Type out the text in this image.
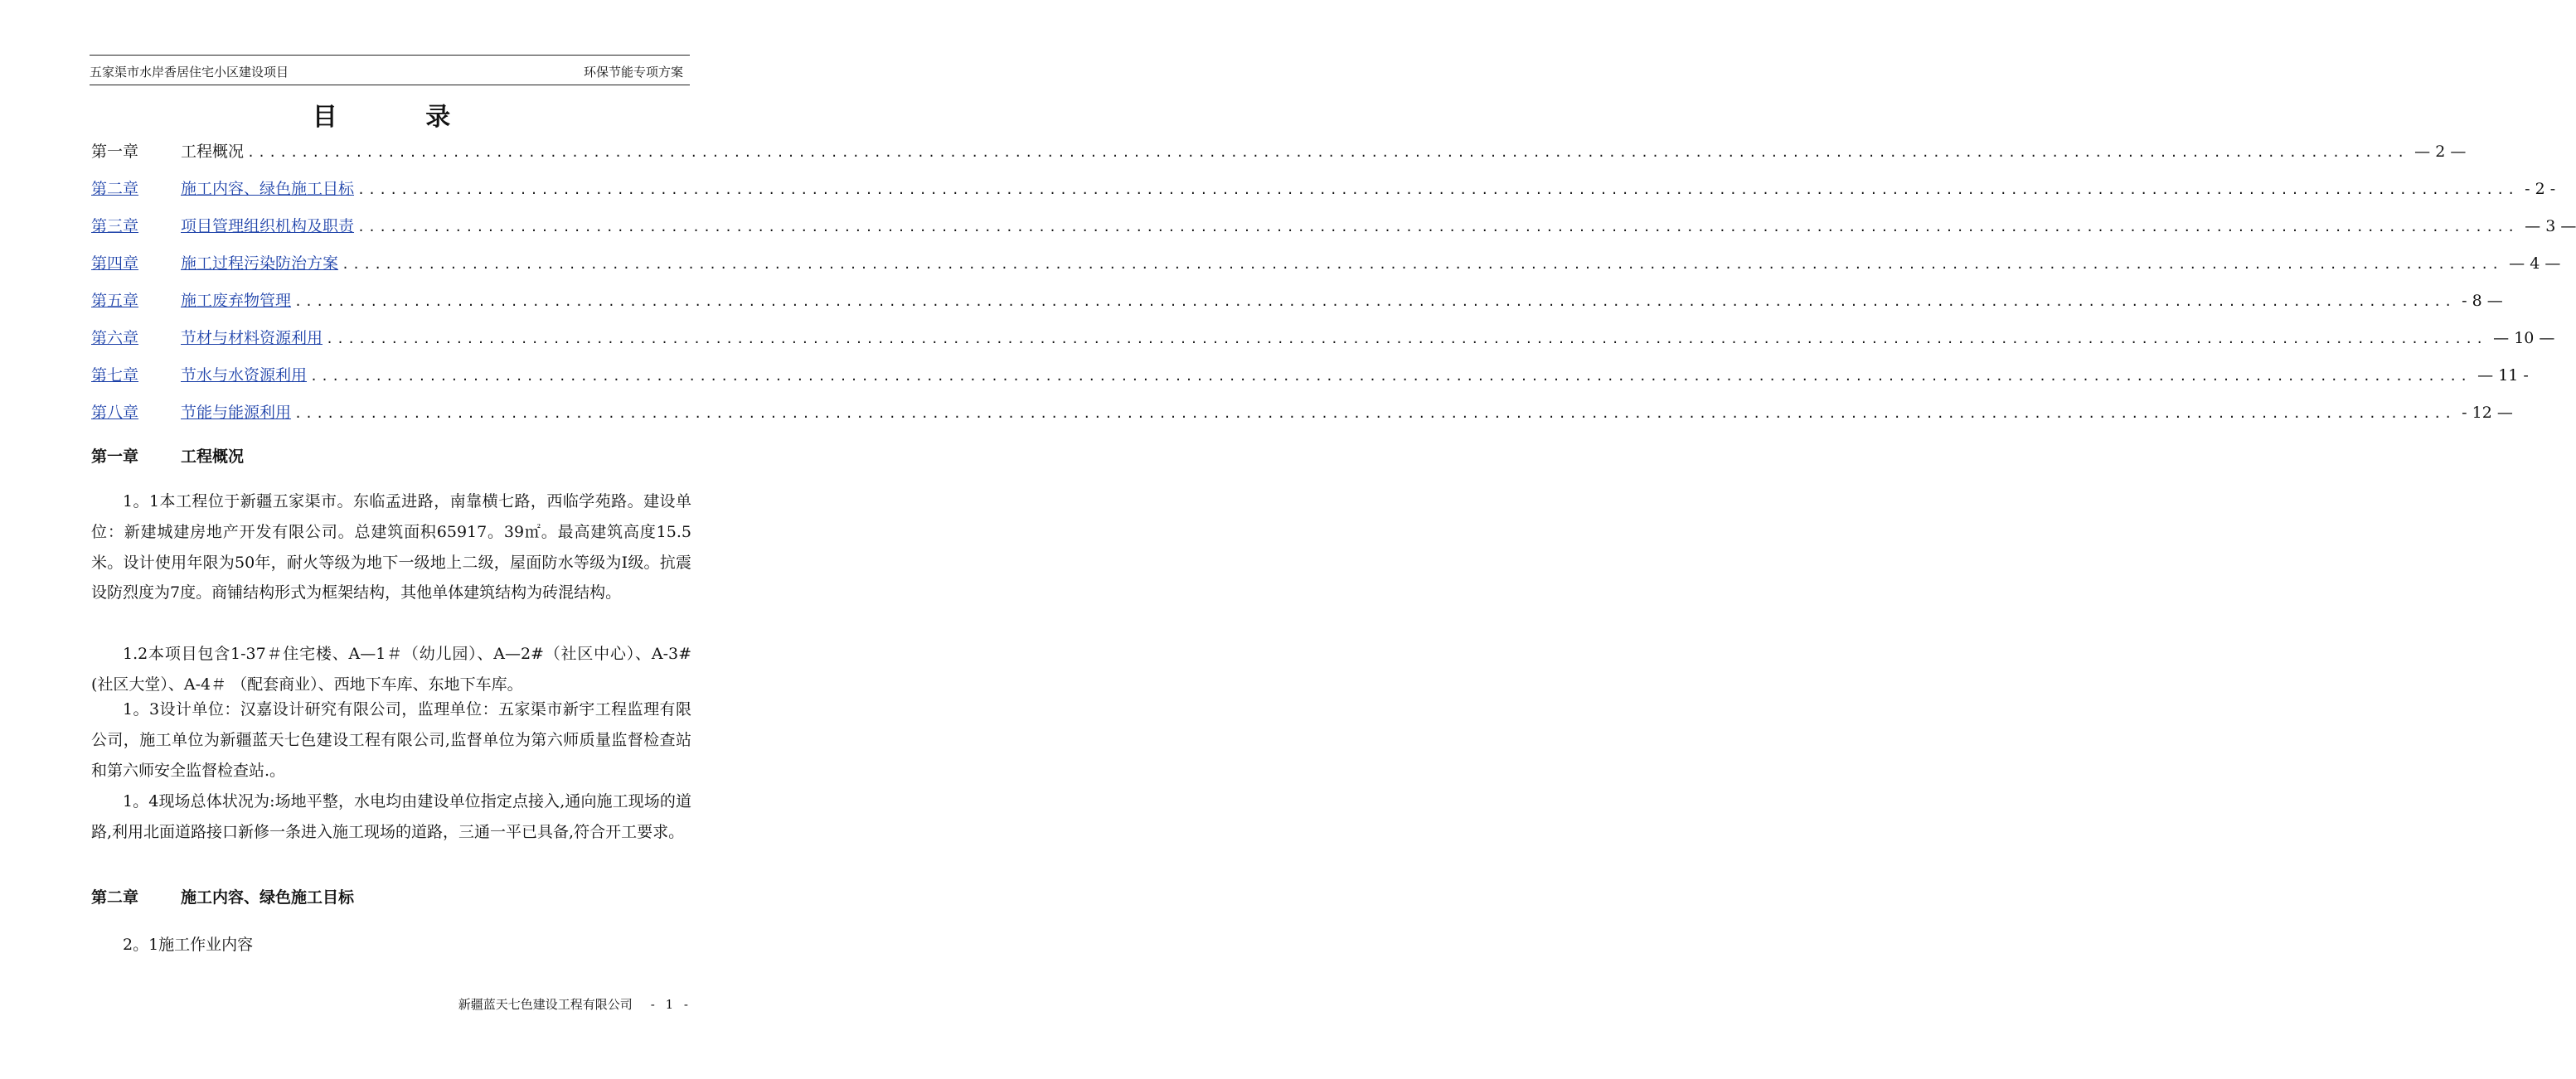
五家渠市水岸香居住宅小区建设项目	环保节能专项方案
目 录
第一章	工程概况 ........................................................................................................................................................................................................ — 2 —
第二章	施工内容、绿色施工目标 ........................................................................................................................................................................................................ - 2 -
第三章	项目管理组织机构及职责 ........................................................................................................................................................................................................ — 3 —
第四章	施工过程污染防治方案 ........................................................................................................................................................................................................ — 4 —
第五章	施工废弃物管理 ........................................................................................................................................................................................................ - 8 —
第六章	节材与材料资源利用 ........................................................................................................................................................................................................ — 10 —
第七章	节水与水资源利用 ........................................................................................................................................................................................................ — 11 -
第八章	节能与能源利用 ........................................................................................................................................................................................................ - 12 —
第一章	工程概况
1。1本工程位于新疆五家渠市。东临孟进路，南靠横七路，西临学苑路。建设单位：新建城建房地产开发有限公司。总建筑面积65917。39㎡。最高建筑高度15.5米。设计使用年限为50年，耐火等级为地下一级地上二级，屋面防水等级为Ⅰ级。抗震设防烈度为7度。商铺结构形式为框架结构，其他单体建筑结构为砖混结构。
1.2本项目包含1-37＃住宅楼、A—1＃（幼儿园）、A—2#（社区中心）、A-3#(社区大堂）、A-4＃ （配套商业）、西地下车库、东地下车库。
1。3设计单位：汉嘉设计研究有限公司，监理单位：五家渠市新宇工程监理有限公司，施工单位为新疆蓝天七色建设工程有限公司,监督单位为第六师质量监督检查站和第六师安全监督检查站.。
1。4现场总体状况为:场地平整，水电均由建设单位指定点接入,通向施工现场的道路,利用北面道路接口新修一条进入施工现场的道路，三通一平已具备,符合开工要求。
第二章	施工内容、绿色施工目标
2。1施工作业内容
新疆蓝天七色建设工程有限公司 - 1 -
